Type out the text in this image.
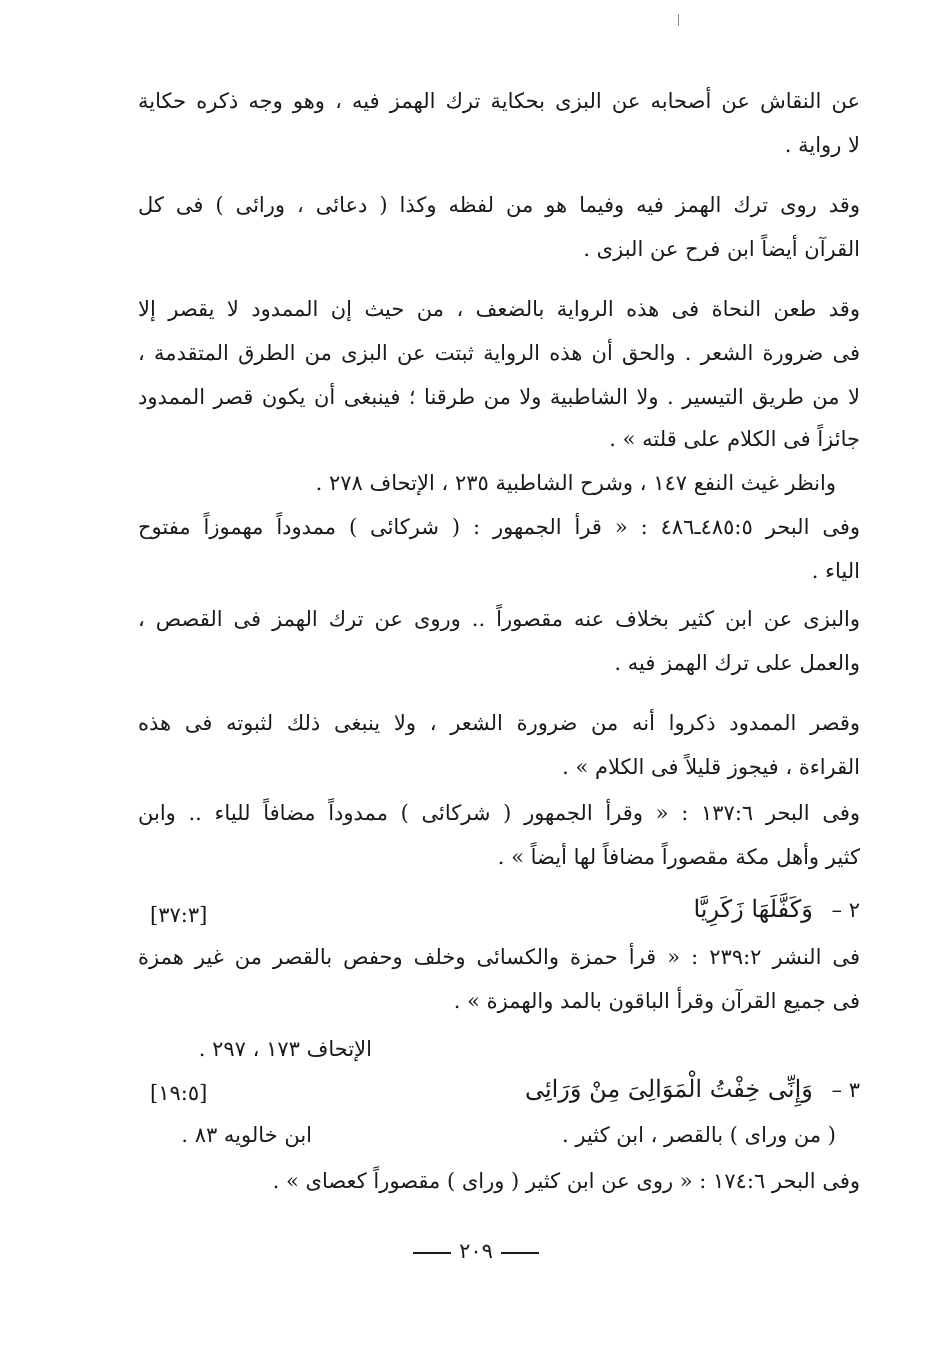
عن النقاش عن أصحابه عن البزى بحكاية ترك الهمز فيه ، وهو وجه ذكره حكاية
لا رواية .
وقد روى ترك الهمز فيه وفيما هو من لفظه وكذا ( دعائى ، ورائى ) فى كل
القرآن أيضاً ابن فرح عن البزى .
وقد طعن النحاة فى هذه الرواية بالضعف ، من حيث إن الممدود لا يقصر إلا
فى ضرورة الشعر . والحق أن هذه الرواية ثبتت عن البزى من الطرق المتقدمة ،
لا من طريق التيسير . ولا الشاطبية ولا من طرقنا ؛ فينبغى أن يكون قصر الممدود
جائزاً فى الكلام على قلته » .
وانظر غيث النفع ١٤٧ ، وشرح الشاطبية ٢٣٥ ، الإتحاف ٢٧٨ .
وفى البحر ٤٨٥:٥ـ٤٨٦ : « قرأ الجمهور : ( شركائى ) ممدوداً مهموزاً مفتوح
الياء .
والبزى عن ابن كثير بخلاف عنه مقصوراً .. وروى عن ترك الهمز فى القصص ،
والعمل على ترك الهمز فيه .
وقصر الممدود ذكروا أنه من ضرورة الشعر ، ولا ينبغى ذلك لثبوته فى هذه
القراءة ، فيجوز قليلاً فى الكلام » .
وفى البحر ١٣٧:٦ : « وقرأ الجمهور ( شركائى ) ممدوداً مضافاً للياء .. وابن
كثير وأهل مكة مقصوراً مضافاً لها أيضاً » .
٢ – وَكَفَّلَهَا زَكَرِيَّا
[٣٧:٣]
فى النشر ٢٣٩:٢ : « قرأ حمزة والكسائى وخلف وحفص بالقصر من غير همزة
فى جميع القرآن وقرأ الباقون بالمد والهمزة » .
الإتحاف ١٧٣ ، ٢٩٧ .
٣ – وَإِنِّى خِفْتُ الْمَوَالِىَ مِنْ وَرَائِى
[١٩:٥]
( من وراى ) بالقصر ، ابن كثير .
ابن خالويه ٨٣ .
وفى البحر ١٧٤:٦ : « روى عن ابن كثير ( وراى ) مقصوراً كعصاى » .
٢٠٩
